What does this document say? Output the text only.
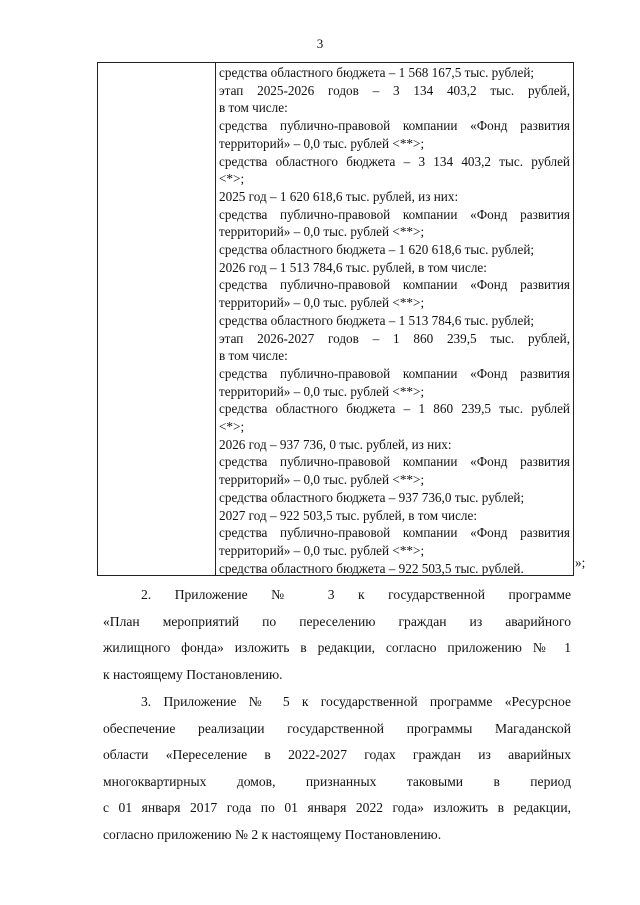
3
средства областного бюджета – 1 568 167,5 тыс. рублей;
этап 2025-2026 годов – 3 134 403,2 тыс. рублей,
в том числе:
средства публично-правовой компании «Фонд развития
территорий» – 0,0 тыс. рублей <**>;
средства областного бюджета – 3 134 403,2 тыс. рублей
<*>;
2025 год – 1 620 618,6 тыс. рублей, из них:
средства публично-правовой компании «Фонд развития
территорий» – 0,0 тыс. рублей <**>;
средства областного бюджета – 1 620 618,6 тыс. рублей;
2026 год – 1 513 784,6 тыс. рублей, в том числе:
средства публично-правовой компании «Фонд развития
территорий» – 0,0 тыс. рублей <**>;
средства областного бюджета – 1 513 784,6 тыс. рублей;
этап 2026-2027 годов – 1 860 239,5 тыс. рублей,
в том числе:
средства публично-правовой компании «Фонд развития
территорий» – 0,0 тыс. рублей <**>;
средства областного бюджета – 1 860 239,5 тыс. рублей
<*>;
2026 год – 937 736, 0 тыс. рублей, из них:
средства публично-правовой компании «Фонд развития
территорий» – 0,0 тыс. рублей <**>;
средства областного бюджета – 937 736,0 тыс. рублей;
2027 год – 922 503,5 тыс. рублей, в том числе:
средства публично-правовой компании «Фонд развития
территорий» – 0,0 тыс. рублей <**>;
средства областного бюджета – 922 503,5 тыс. рублей.	»;
2. Приложение № 3 к государственной программе
«План мероприятий по переселению граждан из аварийного
жилищного фонда» изложить в редакции, согласно приложению № 1
к настоящему Постановлению.
3. Приложение № 5 к государственной программе «Ресурсное
обеспечение реализации государственной программы Магаданской
области «Переселение в 2022-2027 годах граждан из аварийных
многоквартирных домов, признанных таковыми в период
с 01 января 2017 года по 01 января 2022 года» изложить в редакции,
согласно приложению № 2 к настоящему Постановлению.
